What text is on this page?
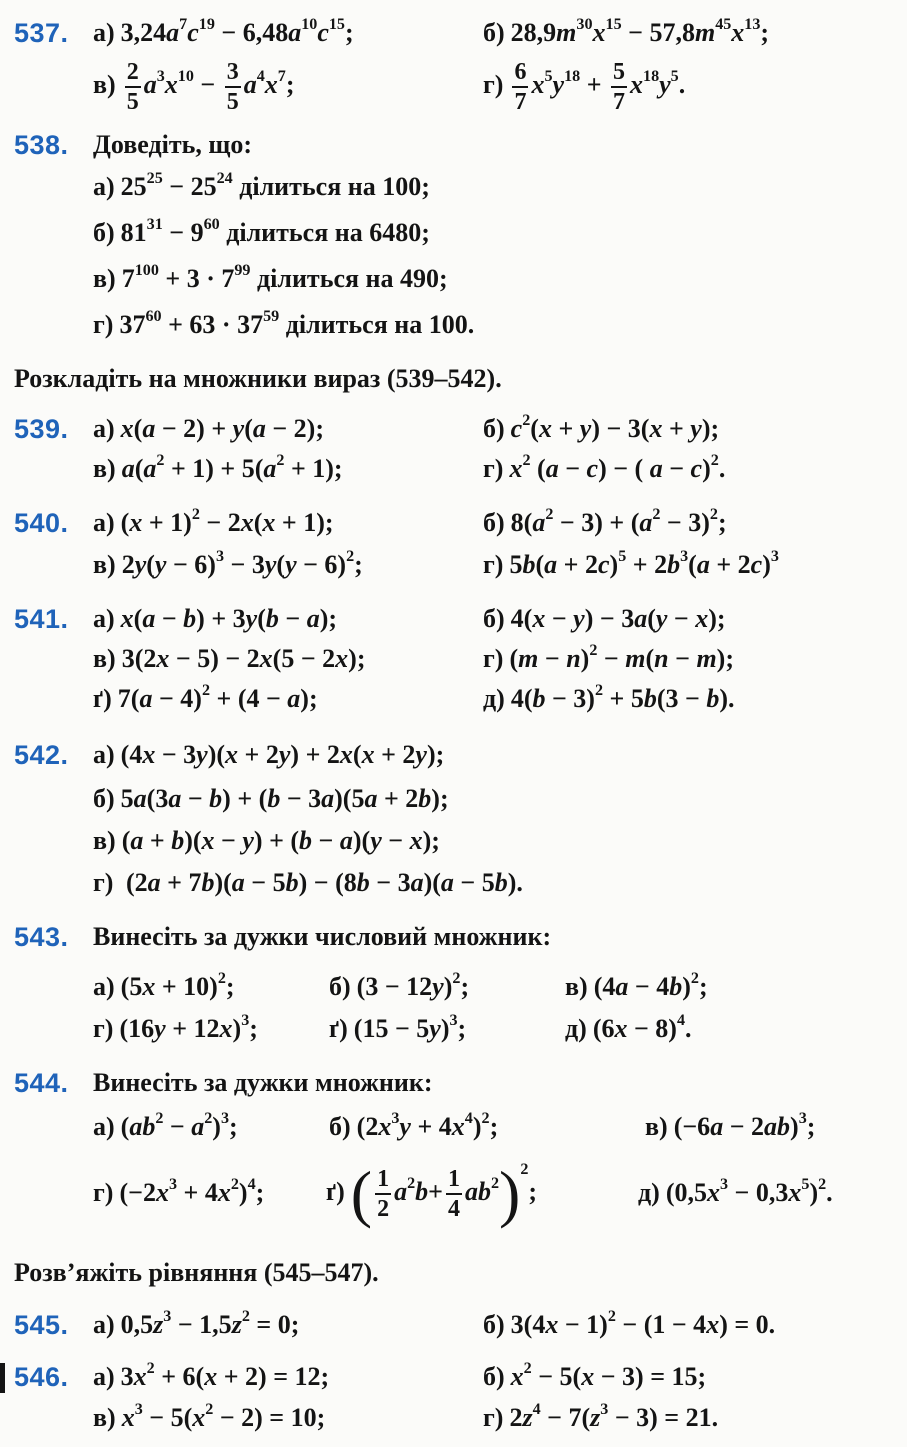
537. а) $3,24a^7c^{19} - 6,48a^{10}c^{15}$;	б) $28,9m^{30}x^{15} - 57,8m^{45}x^{13}$;
$в) \frac{2}{5} a^3x^{10} - \frac{3}{5} a^4x^7$;	$г) \frac{6}{7} x^5y^{18} + \frac{5}{7} x^{18}y^5$.
538. Доведіть, що:
а) $25^{25} - 25^{24}$ ділиться на 100;
б) $81^{31} - 9^{60}$ ділиться на 6480;
в) $7^{100} + 3 \cdot 7^{99}$ ділиться на 490;
г) $37^{60} + 63 \cdot 37^{59}$ ділиться на 100.
Розкладіть на множники вираз (539–542).
539. а) x(a − 2) + y(a − 2);	б) $c^2(x + y) - 3(x + y)$;
в) $a(a^2 + 1) + 5(a^2 + 1)$;	г) $x^2$ (a − c) − ( a − c)$^2$.
540. а) $(x + 1)^2 - 2x(x + 1)$;	б) $8(a^2 - 3) + (a^2 - 3)^2$;
в) $2y(y - 6)^3 - 3y(y - 6)^2$;	г) $5b(a + 2c)^5 + 2b^3(a + 2c)^3$
541. а) x(a − b) + 3y(b − a);	б) 4(x − y) − 3a(y − x);
в) 3(2x − 5) − 2x(5 − 2x);	г) $(m - n)^2 - m(n - m)$;
ґ) $7(a - 4)^2 + (4 - a)$;	д) $4(b - 3)^2 + 5b(3 - b)$.
542. а) (4x − 3y)(x + 2y) + 2x(x + 2y);
б) 5a(3a − b) + (b − 3a)(5a + 2b);
в) (a + b)(x − y) + (b − a)(y − x);
г) (2a + 7b)(a − 5b) − (8b − 3a)(a − 5b).
543. Винесіть за дужки числовий множник:
а) $(5x + 10)^2$;	б) $(3 - 12y)^2$;	в) $(4a - 4b)^2$;
г) $(16y + 12x)^3$;	ґ) $(15 - 5y)^3$;	д) $(6x - 8)^4$.
544. Винесіть за дужки множник:
а) $(ab^2 - a^2)^3$;	б) $(2x^3y + 4x^4)^2$;	в) $(-6a - 2ab)^3$;
г) $(-2x^3 + 4x^2)^4$; $ґ)( \frac{1}{2} a^2b+ \frac{1}{4} ab^2)^2$;	д) $(0,5x^3 - 0,3x^5)^2$.
Розв’яжіть рівняння (545–547).
545. а) $0,5z^3 - 1,5z^2 = 0$;	б) $3(4x - 1)^2 - (1 - 4x) = 0$.
546. а) $3x^2 + 6(x + 2) = 12$;	б) $x^2 - 5(x - 3) = 15$;
в) $x^3 - 5(x^2 - 2) = 10$;	г) $2z^4 - 7(z^3 - 3) = 21$.
